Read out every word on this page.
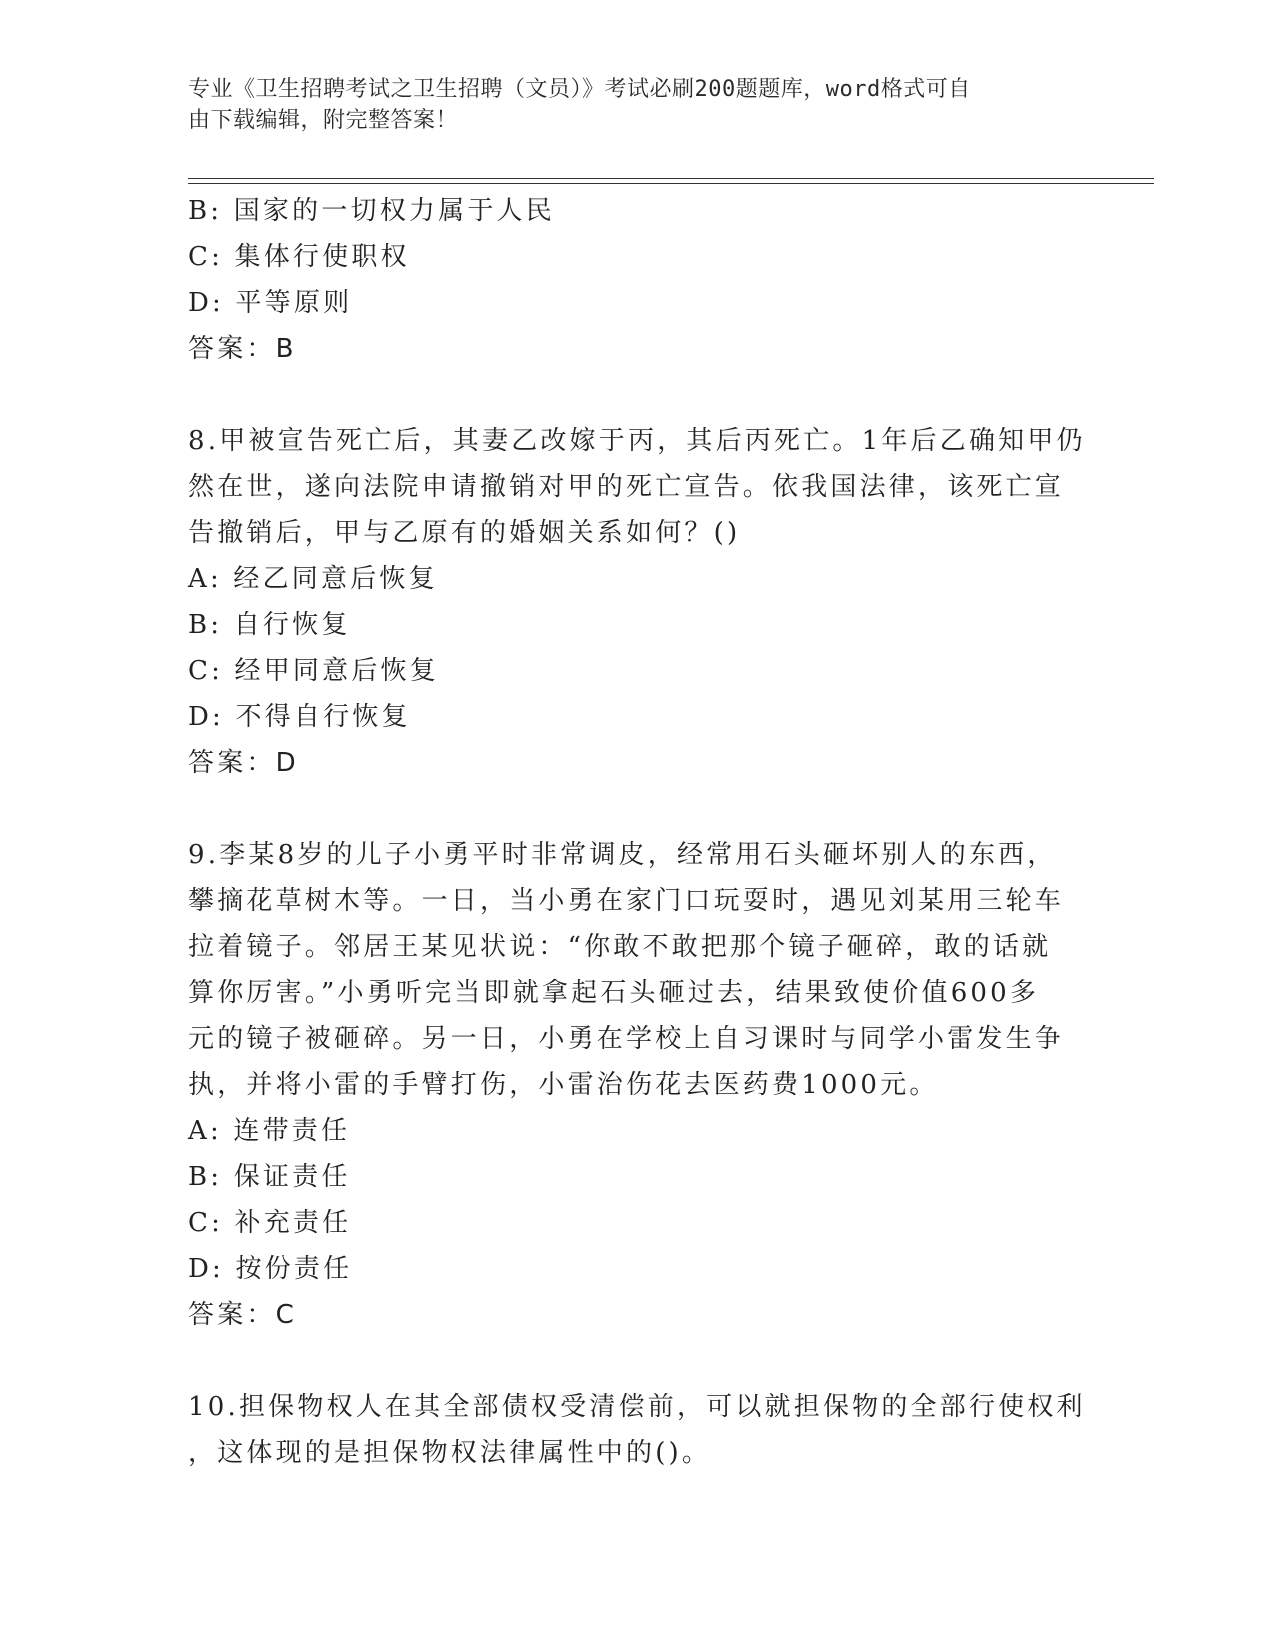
专业《卫生招聘考试之卫生招聘（文员）》考试必刷200题题库，word格式可自
由下载编辑，附完整答案！
B: 国家的一切权力属于人民
C: 集体行使职权
D: 平等原则
答案：B
8.甲被宣告死亡后，其妻乙改嫁于丙，其后丙死亡。1年后乙确知甲仍
然在世，遂向法院申请撤销对甲的死亡宣告。依我国法律，该死亡宣
告撤销后，甲与乙原有的婚姻关系如何？()
A: 经乙同意后恢复
B: 自行恢复
C: 经甲同意后恢复
D: 不得自行恢复
答案：D
9.李某8岁的儿子小勇平时非常调皮，经常用石头砸坏别人的东西，
攀摘花草树木等。一日，当小勇在家门口玩耍时，遇见刘某用三轮车
拉着镜子。邻居王某见状说：“你敢不敢把那个镜子砸碎，敢的话就
算你厉害。”小勇听完当即就拿起石头砸过去，结果致使价值600多
元的镜子被砸碎。另一日，小勇在学校上自习课时与同学小雷发生争
执，并将小雷的手臂打伤，小雷治伤花去医药费1000元。
A: 连带责任
B: 保证责任
C: 补充责任
D: 按份责任
答案：C
10.担保物权人在其全部债权受清偿前，可以就担保物的全部行使权利
，这体现的是担保物权法律属性中的()。
